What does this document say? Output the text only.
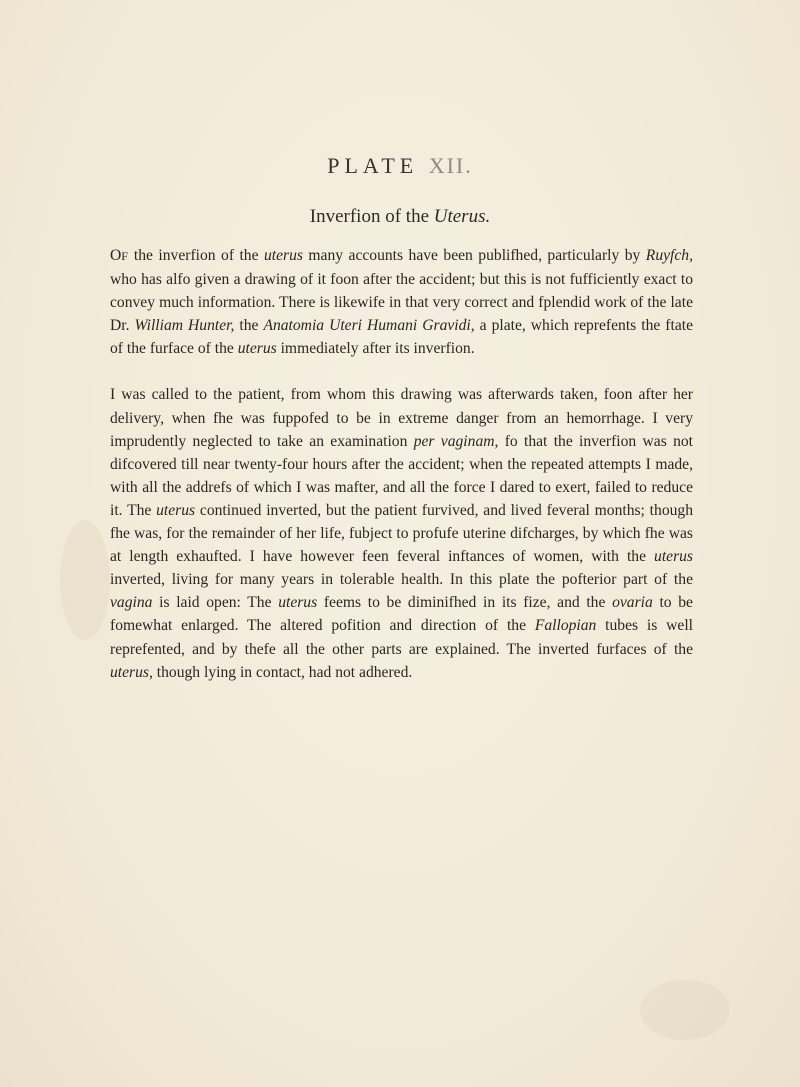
PLATE XII.
Inverfion of the Uterus.

OF the inverfion of the uterus many accounts have been publifhed, particularly by Ruyfch, who has alfo given a drawing of it foon after the accident; but this is not fufficiently exact to convey much information. There is likewife in that very correct and fplendid work of the late Dr. William Hunter, the Anatomia Uteri Humani Gravidi, a plate, which reprefents the ftate of the furface of the uterus immediately after its inverfion.

I was called to the patient, from whom this drawing was afterwards taken, foon after her delivery, when fhe was fuppofed to be in extreme danger from an hemorrhage. I very imprudently neglected to take an examination per vaginam, fo that the inverfion was not difcovered till near twenty-four hours after the accident; when the repeated attempts I made, with all the addrefs of which I was mafter, and all the force I dared to exert, failed to reduce it. The uterus continued inverted, but the patient furvived, and lived feveral months; though fhe was, for the remainder of her life, fubject to profufe uterine difcharges, by which fhe was at length exhaufted. I have however feen feveral inftances of women, with the uterus inverted, living for many years in tolerable health. In this plate the pofterior part of the vagina is laid open: The uterus feems to be diminifhed in its fize, and the ovaria to be fomewhat enlarged. The altered pofition and direction of the Fallopian tubes is well reprefented, and by thefe all the other parts are explained. The inverted furfaces of the uterus, though lying in contact, had not adhered.
